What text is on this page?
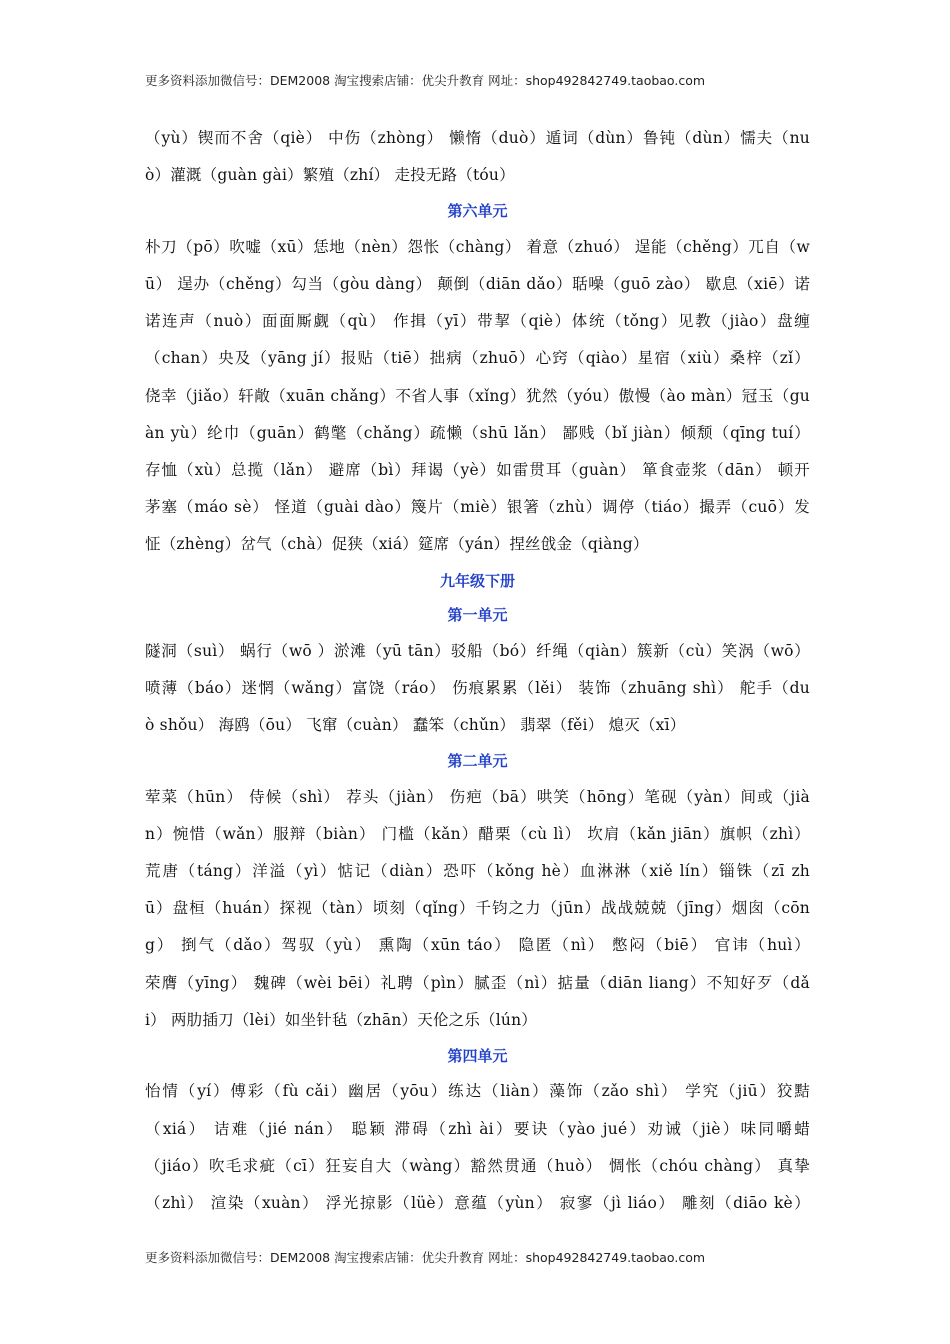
更多资料添加微信号：DEM2008 淘宝搜索店铺：优尖升教育 网址：shop492842749.taobao.com
（yù）锲而不舍（qiè） 中伤（zhòng） 懒惰（duò）遁词（dùn）鲁钝（dùn）懦夫（nu
ò）灌溉（guàn gài）繁殖（zhí） 走投无路（tóu）
第六单元
朴刀（pō）吹嘘（xū）恁地（nèn）怨怅（chàng） 着意（zhuó） 逞能（chěng）兀自（w
ū） 逞办（chěng）勾当（gòu dàng） 颠倒（diān dǎo）聒噪（guō zào） 歇息（xiē）诺
诺连声（nuò）面面厮觑（qù） 作揖（yī）带挈（qiè）体统（tǒng）见教（jiào）盘缠
（chan）央及（yāng jí）报贴（tiē）拙病（zhuō）心窍（qiào）星宿（xiù）桑梓（zǐ）
侥幸（jiǎo）轩敞（xuān chǎng）不省人事（xǐng）犹然（yóu）傲慢（ào màn）冠玉（gu
àn yù）纶巾（guān）鹤氅（chǎng）疏懒（shū lǎn） 鄙贱（bǐ jiàn）倾颓（qīng tuí）
存恤（xù）总揽（lǎn） 避席（bì）拜谒（yè）如雷贯耳（guàn） 箪食壶浆（dān） 顿开
茅塞（máo sè） 怪道（guài dào）篾片（miè）银箸（zhù）调停（tiáo）撮弄（cuō）发
怔（zhèng）岔气（chà）促狭（xiá）筵席（yán）捏丝戗金（qiàng）
九年级下册
第一单元
隧洞（suì） 蜗行（wō ）淤滩（yū tān）驳船（bó）纤绳（qiàn）簇新（cù）笑涡（wō）
喷薄（báo）迷惘（wǎng）富饶（ráo） 伤痕累累（lěi） 装饰（zhuāng shì） 舵手（du
ò shǒu） 海鸥（ōu） 飞窜（cuàn） 蠢笨（chǔn） 翡翠（fěi） 熄灭（xī）
第二单元
荤菜（hūn） 侍候（shì） 荐头（jiàn） 伤疤（bā）哄笑（hōng）笔砚（yàn）间或（jià
n）惋惜（wǎn）服辩（biàn） 门槛（kǎn）醋栗（cù lì） 坎肩（kǎn jiān）旗帜（zhì）
荒唐（táng）洋溢（yì）惦记（diàn）恐吓（kǒng hè）血淋淋（xiě lín）锱铢（zī zh
ū）盘桓（huán）探视（tàn）顷刻（qǐng）千钧之力（jūn）战战兢兢（jīng）烟囱（cōn
g） 捯气（dǎo）驾驭（yù） 熏陶（xūn táo） 隐匿（nì） 憋闷（biē） 官讳（huì）
荣膺（yīng） 魏碑（wèi bēi）礼聘（pìn）腻歪（nì）掂量（diān liang）不知好歹（dǎ
i） 两肋插刀（lèi）如坐针毡（zhān）天伦之乐（lún）
第四单元
怡情（yí）傅彩（fù cǎi）幽居（yōu）练达（liàn）藻饰（zǎo shì） 学究（jiū）狡黠
（xiá） 诘难（jié nán） 聪颖 滞碍（zhì ài）要诀（yào jué）劝诫（jiè）味同嚼蜡
（jiáo）吹毛求疵（cī）狂妄自大（wàng）豁然贯通（huò） 惆怅（chóu chàng） 真挚
（zhì） 渲染（xuàn） 浮光掠影（lüè）意蕴（yùn） 寂寥（jì liáo） 雕刻（diāo kè）
更多资料添加微信号：DEM2008 淘宝搜索店铺：优尖升教育 网址：shop492842749.taobao.com
